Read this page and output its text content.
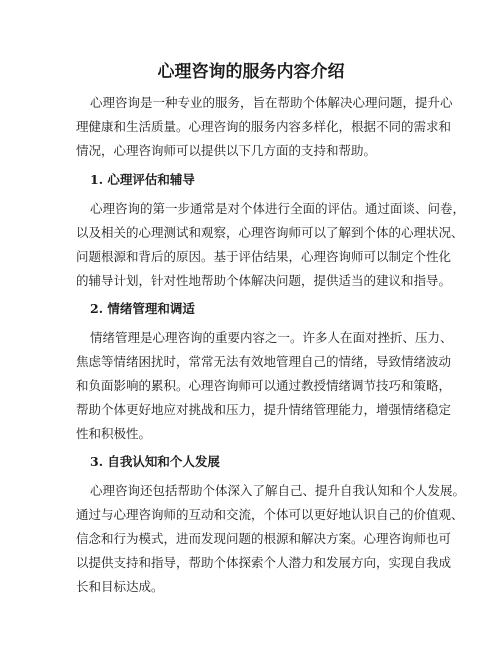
心理咨询的服务内容介绍

心理咨询是一种专业的服务，旨在帮助个体解决心理问题，提升心

理健康和生活质量。心理咨询的服务内容多样化，根据不同的需求和

情况，心理咨询师可以提供以下几方面的支持和帮助。

1. 心理评估和辅导

心理咨询的第一步通常是对个体进行全面的评估。通过面谈、问卷，

以及相关的心理测试和观察，心理咨询师可以了解到个体的心理状况、

问题根源和背后的原因。基于评估结果，心理咨询师可以制定个性化

的辅导计划，针对性地帮助个体解决问题，提供适当的建议和指导。

2. 情绪管理和调适

情绪管理是心理咨询的重要内容之一。许多人在面对挫折、压力、

焦虑等情绪困扰时，常常无法有效地管理自己的情绪，导致情绪波动

和负面影响的累积。心理咨询师可以通过教授情绪调节技巧和策略，

帮助个体更好地应对挑战和压力，提升情绪管理能力，增强情绪稳定

性和积极性。

3. 自我认知和个人发展

心理咨询还包括帮助个体深入了解自己、提升自我认知和个人发展。

通过与心理咨询师的互动和交流，个体可以更好地认识自己的价值观、

信念和行为模式，进而发现问题的根源和解决方案。心理咨询师也可

以提供支持和指导，帮助个体探索个人潜力和发展方向，实现自我成

长和目标达成。
